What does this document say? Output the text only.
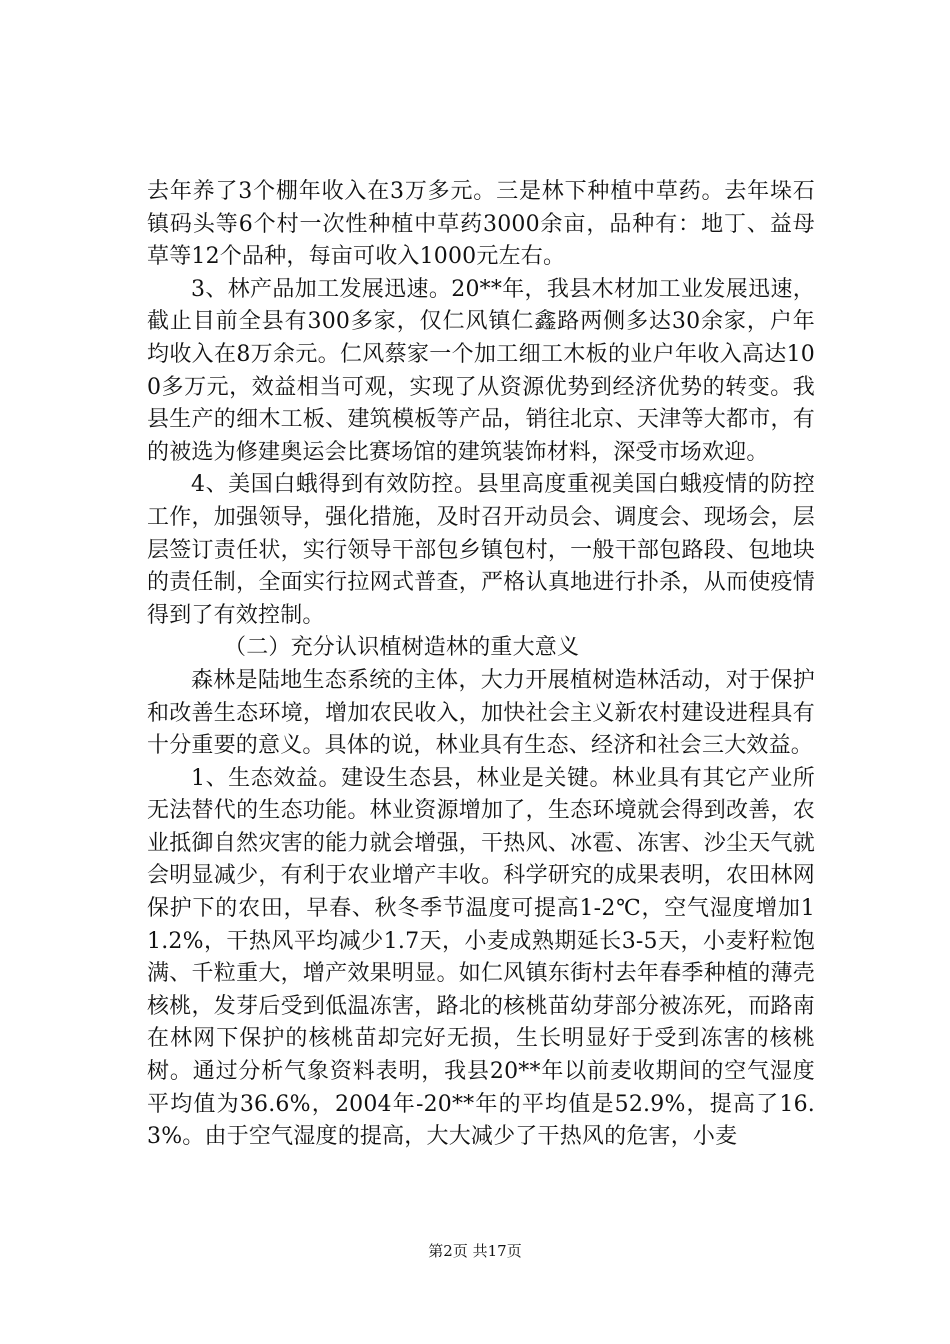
去年养了3个棚年收入在3万多元。三是林下种植中草药。去年垛石镇码头等6个村一次性种植中草药3000余亩，品种有：地丁、益母草等12个品种，每亩可收入1000元左右。

3、林产品加工发展迅速。20**年，我县木材加工业发展迅速，截止目前全县有300多家，仅仁风镇仁鑫路两侧多达30余家，户年均收入在8万余元。仁风蔡家一个加工细工木板的业户年收入高达100多万元，效益相当可观，实现了从资源优势到经济优势的转变。我县生产的细木工板、建筑模板等产品，销往北京、天津等大都市，有的被选为修建奥运会比赛场馆的建筑装饰材料，深受市场欢迎。

4、美国白蛾得到有效防控。县里高度重视美国白蛾疫情的防控工作，加强领导，强化措施，及时召开动员会、调度会、现场会，层层签订责任状，实行领导干部包乡镇包村，一般干部包路段、包地块的责任制，全面实行拉网式普查，严格认真地进行扑杀，从而使疫情得到了有效控制。

（二）充分认识植树造林的重大意义

森林是陆地生态系统的主体，大力开展植树造林活动，对于保护和改善生态环境，增加农民收入，加快社会主义新农村建设进程具有十分重要的意义。具体的说，林业具有生态、经济和社会三大效益。

1、生态效益。建设生态县，林业是关键。林业具有其它产业所无法替代的生态功能。林业资源增加了，生态环境就会得到改善，农业抵御自然灾害的能力就会增强，干热风、冰雹、冻害、沙尘天气就会明显减少，有利于农业增产丰收。科学研究的成果表明，农田林网保护下的农田，早春、秋冬季节温度可提高1-2℃，空气湿度增加11.2%，干热风平均减少1.7天，小麦成熟期延长3-5天，小麦籽粒饱满、千粒重大，增产效果明显。如仁风镇东街村去年春季种植的薄壳核桃，发芽后受到低温冻害，路北的核桃苗幼芽部分被冻死，而路南在林网下保护的核桃苗却完好无损，生长明显好于受到冻害的核桃树。通过分析气象资料表明，我县20**年以前麦收期间的空气湿度平均值为36.6%，2004年-20**年的平均值是52.9%，提高了16.3%。由于空气湿度的提高，大大减少了干热风的危害，小麦

第2页 共17页
